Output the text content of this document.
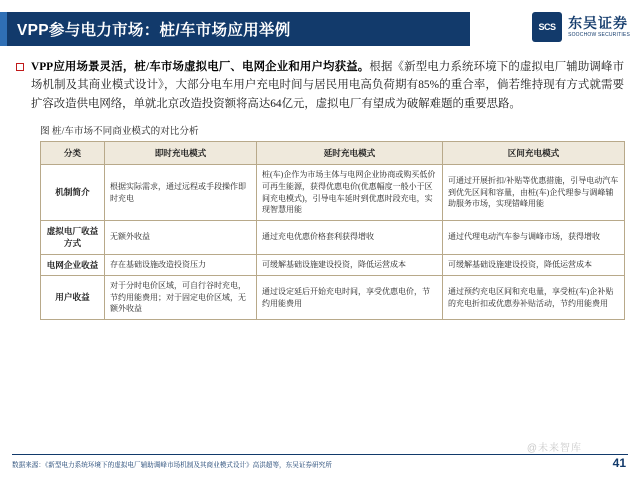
VPP参与电力市场：桩/车市场应用举例	SCS 东吴证券
SOOCHOW SECURITIES
VPP应用场景灵活，桩/车市场虚拟电厂、电网企业和用户均获益。根据《新型电力系统环境下的虚拟电厂辅助调峰市场机制及其商业模式设计》，大部分电车用户充电时间与居民用电高负荷期有85%的重合率，倘若维持现有方式就需要扩容改造供电网络，单就北京改造投资额将高达64亿元，虚拟电厂有望成为破解难题的重要思路。
图 桩/车市场不同商业模式的对比分析
分类	即时充电模式	延时充电模式	区间充电模式
机制简介	根据实际需求，通过远程或手段操作即时充电	桩(车)企作为市场主体与电网企业协商或购买低价可再生能源，获得优惠电价(优惠幅度一般小于区间充电模式)，引导电车延时到优惠时段充电，实现智慧用能	可通过开展折扣/补贴等优惠措施，引导电动汽车到优先区间和容量，由桩(车)企代理参与调峰辅助服务市场，实现错峰用能
虚拟电厂收益方式	无额外收益	通过充电优惠价格套利获得增收	通过代理电动汽车参与调峰市场，获得增收
电网企业收益	存在基础设施改造投资压力	可缓解基础设施建设投资，降低运营成本	可缓解基础设施建设投资，降低运营成本
用户收益	对于分时电价区域，可自行谷时充电，节约用能费用；对于固定电价区域，无额外收益	通过设定延后开始充电时间，享受优惠电价，节约用能费用	通过预约充电区间和充电量，享受桩(车)企补贴的充电折扣或优惠券补贴活动，节约用能费用
@未来智库
数据来源：《新型电力系统环境下的虚拟电厂辅助调峰市场机制及其商业模式设计》高洪超等，东吴证券研究所	41
